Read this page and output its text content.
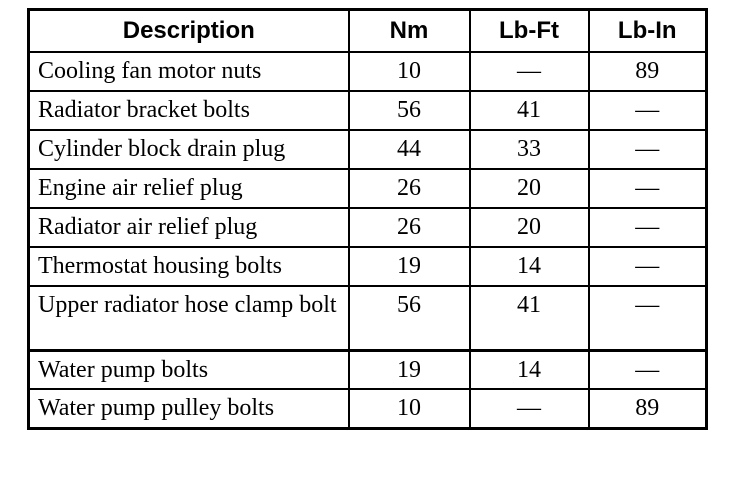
Description	Nm	Lb-Ft	Lb-In
Cooling fan motor nuts	10	—	89
Radiator bracket bolts	56	41	—
Cylinder block drain plug	44	33	—
Engine air relief plug	26	20	—
Radiator air relief plug	26	20	—
Thermostat housing bolts	19	14	—
Upper radiator hose clamp bolt	56	41	—
Water pump bolts	19	14	—
Water pump pulley bolts	10	—	89
